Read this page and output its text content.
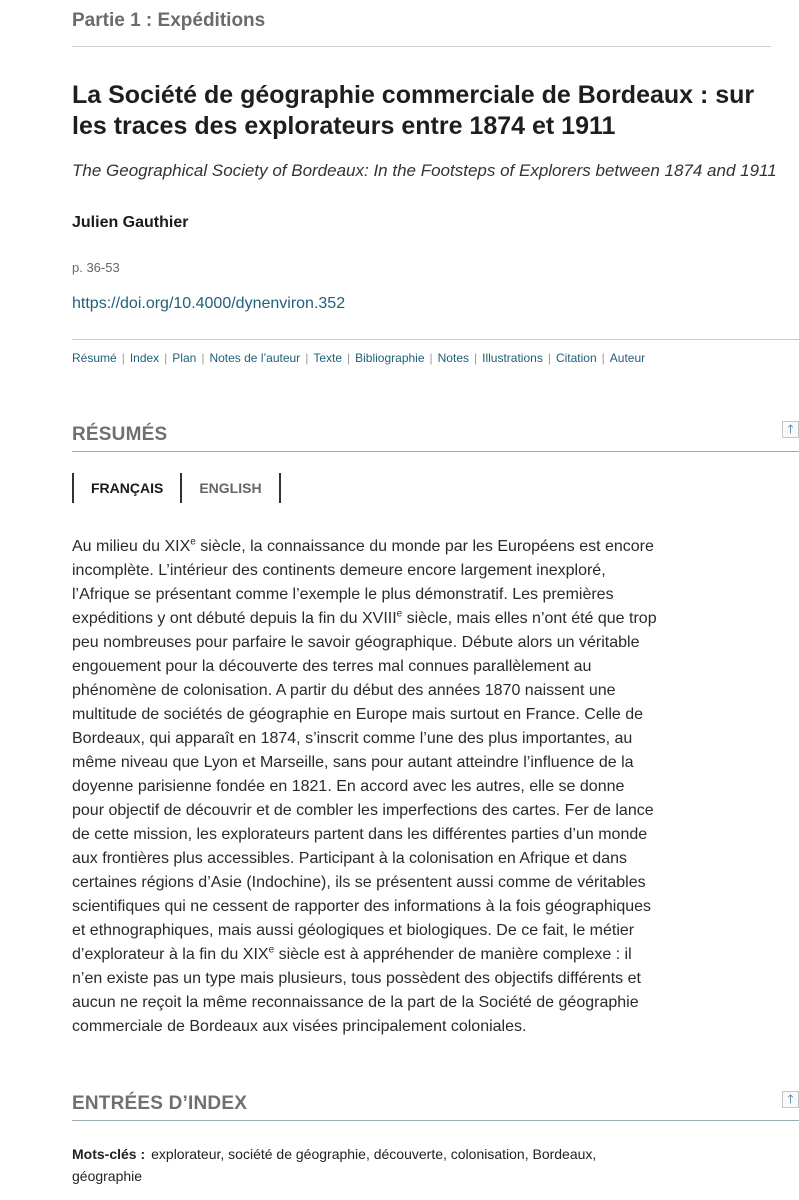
Partie 1 : Expéditions
La Société de géographie commerciale de Bordeaux : sur les traces des explorateurs entre 1874 et 1911
The Geographical Society of Bordeaux: In the Footsteps of Explorers between 1874 and 1911
Julien Gauthier
p. 36-53
https://doi.org/10.4000/dynenviron.352
Résumé | Index | Plan | Notes de l’auteur | Texte | Bibliographie | Notes | Illustrations | Citation | Auteur
RÉSUMÉS	🡑
FRANÇAIS	ENGLISH

Au milieu du XIXe siècle, la connaissance du monde par les Européens est encore incomplète. L’intérieur des continents demeure encore largement inexploré, l’Afrique se présentant comme l’exemple le plus démonstratif. Les premières expéditions y ont débuté depuis la fin du XVIIIe siècle, mais elles n’ont été que trop peu nombreuses pour parfaire le savoir géographique. Débute alors un véritable engouement pour la découverte des terres mal connues parallèlement au phénomène de colonisation. A partir du début des années 1870 naissent une multitude de sociétés de géographie en Europe mais surtout en France. Celle de Bordeaux, qui apparaît en 1874, s’inscrit comme l’une des plus importantes, au même niveau que Lyon et Marseille, sans pour autant atteindre l’influence de la doyenne parisienne fondée en 1821. En accord avec les autres, elle se donne pour objectif de découvrir et de combler les imperfections des cartes. Fer de lance de cette mission, les explorateurs partent dans les différentes parties d’un monde aux frontières plus accessibles. Participant à la colonisation en Afrique et dans certaines régions d’Asie (Indochine), ils se présentent aussi comme de véritables scientifiques qui ne cessent de rapporter des informations à la fois géographiques et ethnographiques, mais aussi géologiques et biologiques. De ce fait, le métier d’explorateur à la fin du XIXe siècle est à appréhender de manière complexe : il n’en existe pas un type mais plusieurs, tous possèdent des objectifs différents et aucun ne reçoit la même reconnaissance de la part de la Société de géographie commerciale de Bordeaux aux visées principalement coloniales.

ENTRÉES D’INDEX	🡑
Mots-clés : explorateur, société de géographie, découverte, colonisation, Bordeaux, géographie
